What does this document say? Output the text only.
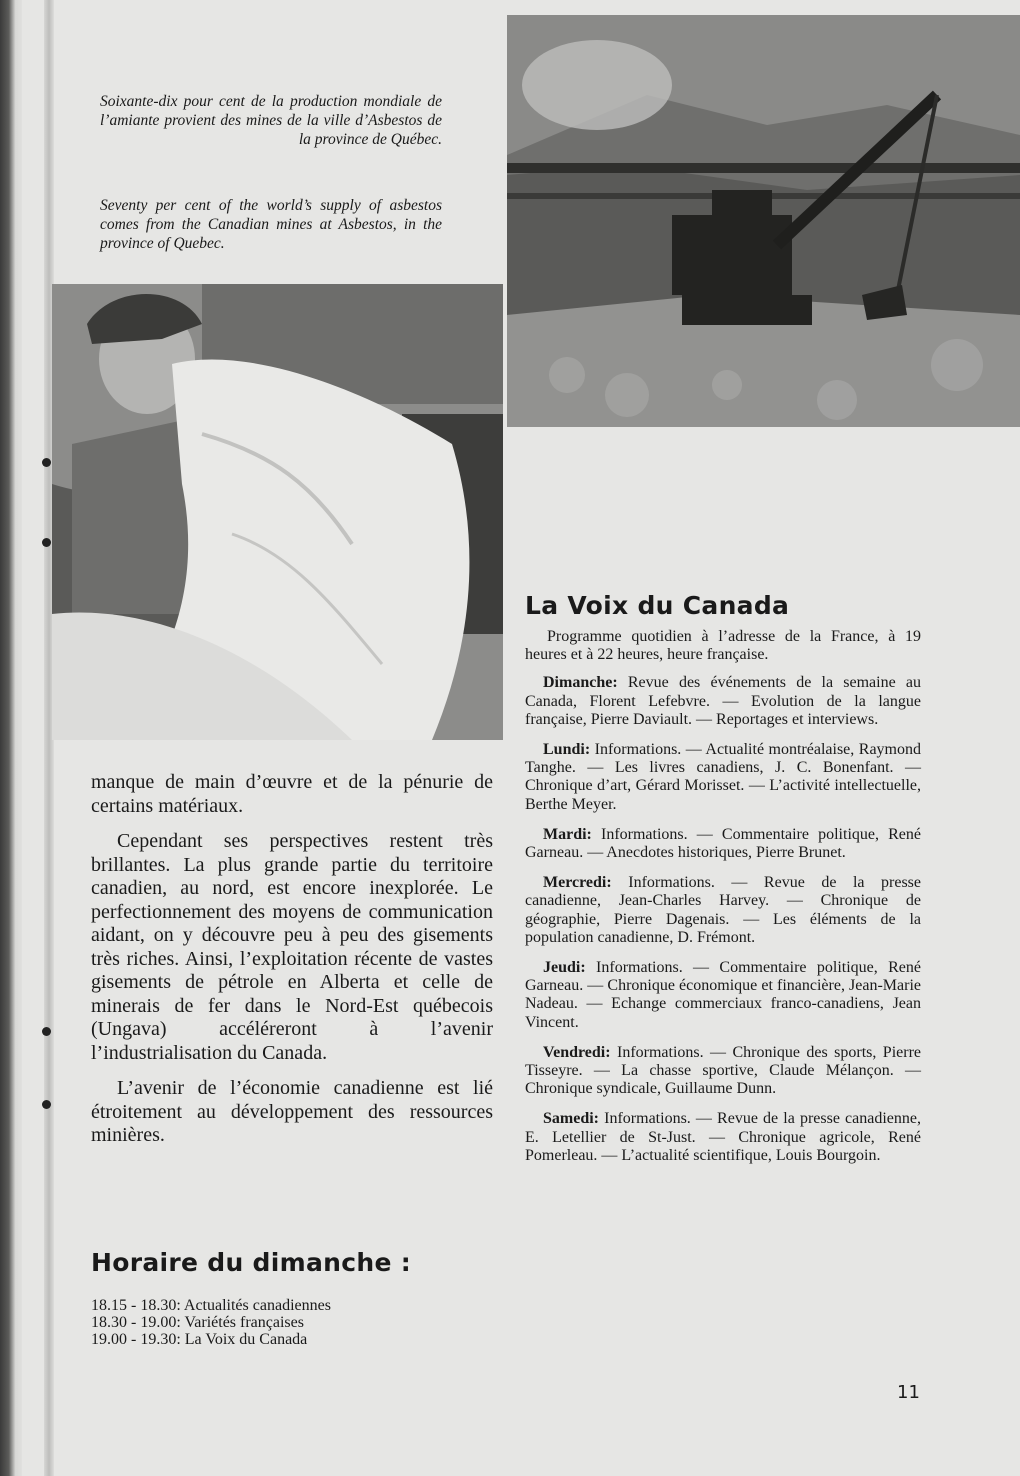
Soixante-dix pour cent de la production mondiale de l’amiante provient des mines de la ville d’Asbestos de la province de Québec.
Seventy per cent of the world’s supply of asbestos comes from the Canadian mines at Asbestos, in the province of Quebec.

manque de main d’œuvre et de la pénurie de certains matériaux.

Cependant ses perspectives restent très brillantes. La plus grande partie du territoire canadien, au nord, est encore inexplorée. Le perfectionnement des moyens de communication aidant, on y découvre peu à peu des gisements très riches. Ainsi, l’exploitation récente de vastes gisements de pétrole en Alberta et celle de minerais de fer dans le Nord-Est québecois (Ungava) accéléreront à l’avenir l’industrialisation du Canada.

L’avenir de l’économie canadienne est lié étroitement au développement des ressources minières.

Horaire du dimanche :
18.15 - 18.30: Actualités canadiennes
18.30 - 19.00: Variétés françaises
19.00 - 19.30: La Voix du Canada
La Voix du Canada

Programme quotidien à l’adresse de la France, à 19 heures et à 22 heures, heure française.

Dimanche: Revue des événements de la semaine au Canada, Florent Lefebvre. — Evolution de la langue française, Pierre Daviault. — Reportages et interviews.

Lundi: Informations. — Actualité montréalaise, Raymond Tanghe. — Les livres canadiens, J. C. Bonenfant. — Chronique d’art, Gérard Morisset. — L’activité intellectuelle, Berthe Meyer.

Mardi: Informations. — Commentaire politique, René Garneau. — Anecdotes historiques, Pierre Brunet.

Mercredi: Informations. — Revue de la presse canadienne, Jean-Charles Harvey. — Chronique de géographie, Pierre Dagenais. — Les éléments de la population canadienne, D. Frémont.

Jeudi: Informations. — Commentaire politique, René Garneau. — Chronique économique et financière, Jean-Marie Nadeau. — Echange commerciaux franco-canadiens, Jean Vincent.

Vendredi: Informations. — Chronique des sports, Pierre Tisseyre. — La chasse sportive, Claude Mélançon. — Chronique syndicale, Guillaume Dunn.

Samedi: Informations. — Revue de la presse canadienne, E. Letellier de St-Just. — Chronique agricole, René Pomerleau. — L’actualité scientifique, Louis Bourgoin.

11
